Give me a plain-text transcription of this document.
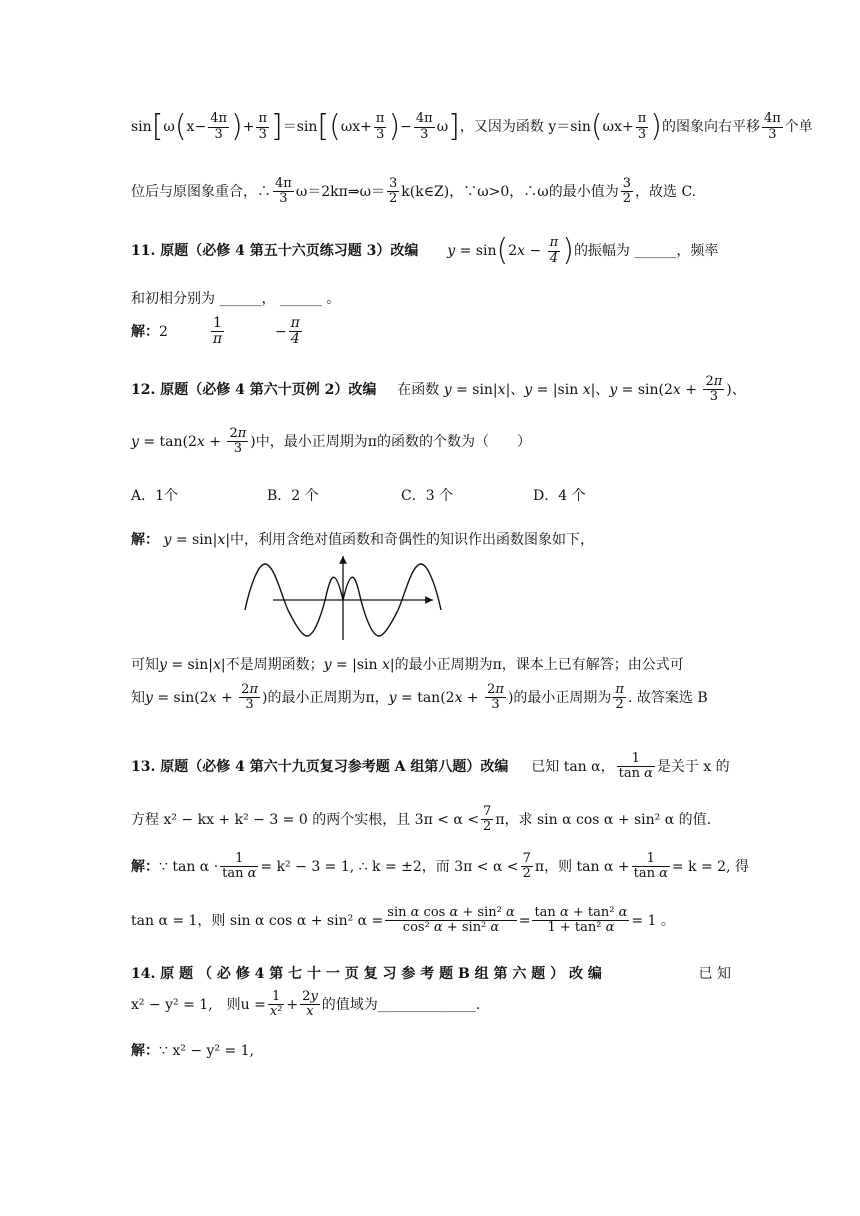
$\sin[\omega(x- \frac{4\pi}{3}$ )+ $\frac{\pi}{3} ]=\sin[(\omega x+ \frac{\pi}{3}$ )− $\frac{4\pi}{3} \omega$]，又因为函数 $y=\sin(\omega x+ \frac{\pi}{3}$ )的图象向右平移 $\frac{4\pi}{3}$ 个单
位后与原图象重合，∴ $\frac{4\pi}{3}$ ω＝2kπ⇒ω＝ $\frac{3}{2}$ k(k∈Z)，∵ω>0，∴ω的最小值为 $\frac{3}{2}$ ，故选 C.
11. 原题（必修 4 第五十六页练习题 3）改编 $y = \sin(2x - \frac{\pi}{4}$ )的振幅为 ______，频率
和初相分别为 ______， ______ 。
解：2	$\frac{1}{\pi}$	− $\frac{\pi}{4}$
12. 原题（必修 4 第六十页例 2）改编 在函数 y = sin|x|、y = |sin x|、$y = \sin(2x + \frac{2\pi}{3}$ )、
$y = \tan(2x + \frac{2\pi}{3}$ )中，最小正周期为π的函数的个数为（　　）
A．1个	B．2 个	C．3 个	D．4 个
解： y = sin|x|中，利用含绝对值函数和奇偶性的知识作出函数图象如下，
可知y = sin|x|不是周期函数；y = |sin x|的最小正周期为π，课本上已有解答；由公式可
知$y = \sin(2x + \frac{2\pi}{3}$ )的最小正周期为π，$y = \tan(2x + \frac{2\pi}{3}$ )的最小正周期为 $\frac{\pi}{2}$ . 故答案选 B
13. 原题（必修 4 第六十九页复习参考题 A 组第八题）改编 已知 tan α， $\frac{1}{\text{tan α}}$ 是关于 x 的
方程 x² − kx + k² − 3 = 0 的两个实根，且 $3\pi < \alpha < \frac{7}{2}$ π，求 sin α cos α + sin² α 的值.
解：∵ $\tan \alpha \cdot \frac{1}{\text{tan α}} = k^2 - 3 = 1$, ∴ k = ±2，而 $3\pi < \alpha < \frac{7}{2}$ π，则 $\tan \alpha + \frac{1}{\text{tan α}} = k = 2$, 得
tan α = 1，则 sin α cos α + sin² $\alpha = \frac{\text{sin α cos α + sin² α}}{\text{cos² α + sin² α}} = \frac{\text{tan α + tan² α}}{\text{1 + tan² α}} = 1$ 。
14. 原 题 （ 必 修 4 第 七 十 一 页 复 习 参 考 题 B 组 第 六 题 ） 改 编	已 知
x² − y² = 1,　则$u = \frac{1}{\text{x²}} + \frac{2y}{x}$ 的值域为______________.
解：∵ x² − y² = 1,
